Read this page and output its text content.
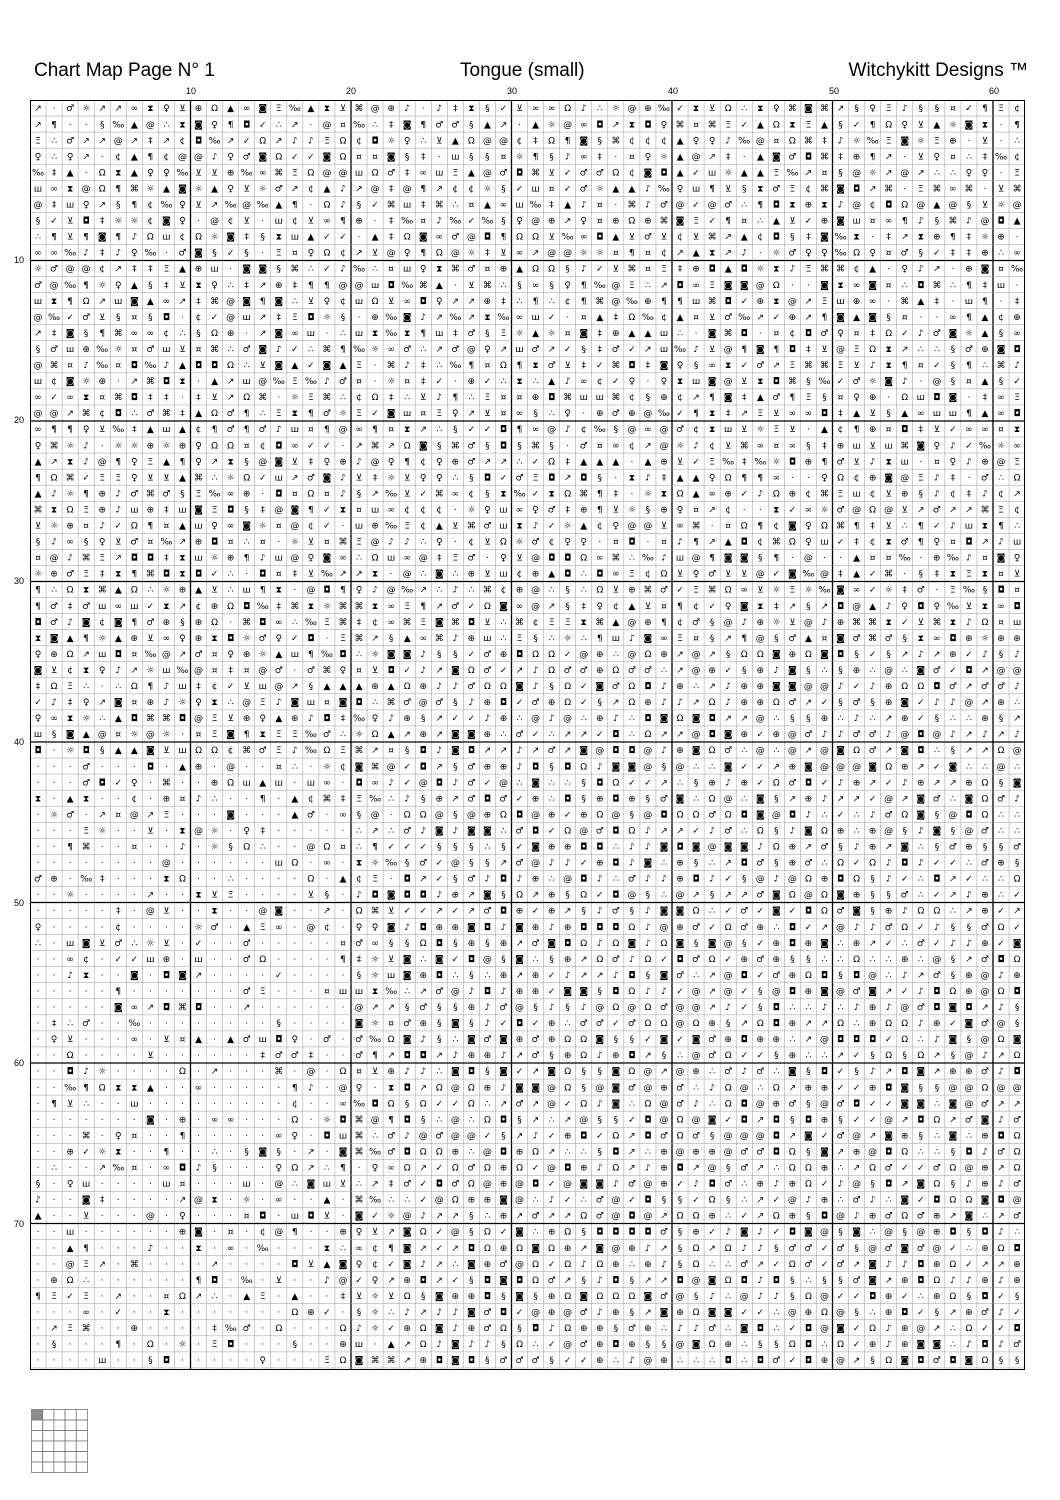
Chart Map Page N° 1	Tongue (small)	Witchykitt Designs ™
10	20	30	40	50	60
10
20
30
40
50
60
70
↗ · ♂ ☼ ↗ ↗ ∞ ⧗ ♀ ⊻ ⊕ Ω ▲ ∞ ◙ Ξ ‰ ▲ ⧗ ⊻ ⌘ @ ⊕ ♪ · ♪ ‡ ⧗ § ✓ ⊻ ∞ ∞ Ω ♪ ∴ ☼ @ ⊕ ‰ ✓ ⧗ ⊻ Ω ∴ ⧗ ♀ ⌘ ◙ ⌘ ↗ § ♀ Ξ ♪ § § ¤ ✓ ¶ Ξ ¢
↗ ¶ · · § ‰ ▲ @ ∴ ⧗ ◙ ♀ ¶ ◘ ✓ ∴ ↗ · @ ¤ ‰ ∴ ‡ ◙ ¶ ♂ ♂ § ▲ ↗ · ▲ ☼ @ ∞ ◘ ↗ ⧗ ◘ ♀ ⌘ ¤ ⌘ Ξ ✓ ▲ Ω ⧗ Ξ ▲ § ✓ ¶ Ω ♀ ⊻ ▲ ☼ ◙ ⧗ · ¶
Ξ ∴ ♂ ↗ ↗ @ ↗ ‡ ↗ ¢ ◘ ‰ ↗ ✓ Ω ↗ ♪ ♪ Ξ Ω ¢ ◘ ☼ ♀ ∴ ⊻ ▲ Ω @ @ ¢ ‡ Ω ¶ ◙ § ⌘ ¢ ¢ ¢ ▲ ♀ ♀ ♪ ‰ @ ¤ Ω ⌘ ‡ ♪ ☼ ‰ Ξ ◙ ☼ Ξ ⊕ · ⊻ · ∴
♀ ∴ ♀ ↗ · ¢ ▲ ¶ ¢ @ @ ♪ ♀ ♂ ◙ Ω ✓ ✓ ◙ Ω ¤ ¤ ◙ § ‡ · ш § § ¤ ☼ ¶ § ♪ ∞ ‡ · ¤ ♀ ☼ ▲ @ ↗ ‡ · ▲ ◙ ♂ ◘ ⌘ ‡ ⊕ ¶ ↗ · ⊻ ♀ ¤ ∴ ‡ ‰ ¢
‰ ‡ ▲ · Ω ⧗ ▲ ♀ ♀ ‰ ⊻ ⊻ ⊕ ‰ ∞ ⌘ Ξ Ω @ @ ш Ω ♂ ‡ ∞ ш Ξ ▲ @ ♂ ◘ ⌘ ⊻ ✓ ♂ ♂ Ω ¢ ◙ ◘ ▲ ✓ ш ☼ ▲ ▲ Ξ ‰ ↗ ¤ § @ ☼ ↗ @ ↗ ∴ ∴ ♀ ♀ · Ξ
ш ∞ ⧗ @ Ω ¶ ⌘ ☼ ▲ ◙ ☼ ▲ ♀ ⊻ ☼ ♂ ↗ ¢ ▲ ♪ ↗ @ ‡ @ ¶ ↗ ¢ ¢ ☼ § ✓ ш ¤ ✓ ♂ ☼ ▲ ▲ ♪ ‰ ♀ ш ¶ ⊻ § ⧗ ♂ Ξ ¢ ⌘ ◙ ◘ ↗ ⌘ · Ξ ⌘ ∞ ⌘ · ⊻ ⌘
@ ‡ ш ♀ ↗ § ¶ ¢ ‰ ♀ ⊻ ↗ ‰ @ ‰ ▲ ¶ · Ω ♪ § ✓ ⌘ ш ‡ ⌘ ∴ ¤ ▲ ∞ ш ‰ ‡ ▲ ♪ ¤ · ⌘ ♪ ♂ @ ✓ @ ♂ ∴ ¶ ◘ ⧗ ⊕ ⧗ ♪ @ ¢ ◘ Ω @ ▲ @ § ⊻ ☼ @
§ ✓ ⊻ ◘ ‡ ☼ ☼ ¢ ◙ ♀ · @ ¢ ⊻ · ш ¢ ⊻ ∞ ¶ ⊕ · ‡ ‰ ¤ ♪ ‰ ✓ ‰ § ♀ @ ⊕ ↗ ♀ ¤ ⊕ Ω ⊕ ⌘ ◙ Ξ ✓ ¶ ¤ ∴ ▲ ⊻ ✓ ⊕ ◙ ш ¤ ∞ ¶ ♪ § ⌘ ♪ @ ◘ ▲
∴ ¶ ⊻ ¶ ◙ ¶ ♪ Ω ш ¢ Ω ☼ ◙ ‡ § ⧗ ш ▲ ✓ ✓ · ▲ ‡ Ω ◙ ∞ ♂ @ ◘ ¶ Ω Ω ⊻ ‰ ∞ ◘ ▲ ⊻ ♂ ⊻ ¢ ⊻ ⌘ ↗ ▲ ¢ ◘ § ‡ ◙ ‰ ⧗ · ‡ ↗ ⧗ ⊕ ¶ ‡ ☼ ⊕ ·
∞ ∞ ‰ ♪ ‡ ♪ ♀ ‰ · ♂ ◙ § ✓ § · Ξ ¤ ♀ Ω ¢ ↗ ⊻ @ ♀ ¶ Ω @ ☼ ‡ ⊻ ∞ ↗ @ @ ☼ ☼ ¤ ¶ ¤ ¢ ↗ ▲ ⧗ ↗ ♪ · ☼ ♂ ♀ ♀ ‰ Ω ♀ ¤ ♂ § ✓ ‡ ‡ ⊕ ∴ ∞
☼ ♂ @ @ ¢ ↗ ‡ ‡ Ξ ▲ ⊕ ш · ◙ ◙ § ⌘ ∴ ✓ ♪ ‰ ∴ ¤ ш ♀ ⧗ ⌘ ♂ ¤ ⊕ ▲ Ω Ω § ♪ ✓ ⊻ ⌘ ¤ Ξ ‡ ⊕ ◘ ▲ ◘ ☼ ⧗ ♪ Ξ ⌘ ⌘ ¢ ▲ · ♀ ♪ ↗ · ⊕ ◙ ¤ ‰
♂ @ ‰ ¶ ☼ ♀ ▲ § ‡ ⊻ ⧗ ♀ ∴ ‡ ↗ ⊕ ‡ ¶ ¶ @ @ ш ◘ ‰ ⌘ ▲ · ⊻ ⌘ ∴ § ∞ § ♀ ¶ ‰ @ Ξ ∴ ↗ ◘ ∞ Ξ ◙ ◙ @ Ω · · ◙ ⧗ ∞ ◙ ¤ ∴ ◘ ⌘ ∴ ¶ ‡ ш ·
ш ⧗ ¶ Ω ↗ ш ◙ ▲ ∞ ↗ ‡ ⌘ @ ◙ ¶ ◙ ∴ ⊻ ♀ ¢ ш Ω ⊻ ∞ ◘ ♀ ↗ ↗ ⊕ ‡ ∴ ¶ ∴ ¢ ¶ ⌘ @ ‰ ⊕ ¶ ¶ ш ⌘ ◘ ✓ ⊕ ⧗ @ ↗ Ξ ш ⊕ ∞ · ⌘ ▲ ‡ · ш ¶ · ‡
@ ‰ ✓ ♂ ⊻ § ¤ § ◘ · ¢ ✓ @ ш ↗ ‡ Ξ ◘ ☼ § · ⊕ ‰ ◙ ♪ ↗ ‰ ↗ ⧗ ‰ ∞ ш ✓ · ¤ ▲ ‡ Ω ‰ ¢ ▲ ¤ ⊻ ♂ ‰ ↗ ✓ ⊕ ↗ ¶ ◙ ▲ ◙ § ¤ · · ∞ ¶ ▲ ¢ ⊕
↗ ‡ ◙ § ¶ ⌘ ∞ ∞ ¢ ∴ § Ω ⊕ · ↗ ◙ ∞ ш · ∴ ш ⧗ ‰ ⧗ ¶ ш ‡ ♂ § Ξ ☼ ▲ ☼ ¤ ◙ ‡ ⊕ ▲ ▲ ш ∴ · ◙ ⌘ ◘ · ¤ ¢ ◘ ♂ ♀ ¤ ‡ Ω ✓ ♪ ♂ ◙ ☼ ▲ § ∞
§ ♂ ш ⊕ ‰ ☼ ¤ ♂ ш ⊻ ¤ ⌘ ∴ ♂ ◙ ♪ ✓ ∴ ⌘ ¶ ‰ ☼ ∞ ♂ ∴ ↗ ♂ @ ♀ ↗ ш ♂ ↗ ✓ § ‡ ♂ ✓ ↗ ш ‰ ♪ ⊻ @ ¶ ◙ ¶ ◘ ‡ ⊻ @ Ξ Ω ⧗ ↗ ∴ ∴ § ♂ ⊕ ◙ ◘
@ ⌘ ¤ ♪ ‰ ¤ ◘ ‰ ♪ ▲ ◘ ◘ Ω ∴ ⊻ ◙ ▲ ✓ ◙ ▲ Ξ · ⌘ ♪ ‡ ∴ ‰ ¶ ¤ Ω ¶ ⧗ ♂ ⊻ ‡ ✓ ⌘ ◘ ‡ ◙ ♀ § ∞ ⧗ ✓ ♂ ↗ Ξ ⌘ ⌘ Ξ ⊻ ♪ ⧗ ¶ ¤ ✓ § ¶ ∴ ⌘ ♪
ш ¢ ◙ ☼ ⊕ · ↗ ⌘ ◘ ⧗ · ▲ ↗ ш @ ‰ Ξ ‰ ♪ ♂ ¤ · ☼ ¤ ‡ ✓ · ⊕ ✓ ∴ ⧗ ∴ ▲ ♪ ∞ ¢ ✓ ♀ · ♀ ⧗ ш ◙ @ ⊻ ⧗ ◘ ⌘ § ‰ ✓ ♂ ☼ ◙ ♪ · @ § ¤ ▲ § ✓
∞ ✓ ∞ ⧗ ¤ ⌘ ◘ ‡ ‡ · ‡ ⊻ ↗ Ω ⌘ · ☼ Ξ ⌘ ∴ ¢ Ω ‡ ∴ ⊻ ♪ ¶ ∴ Ξ ¤ ¤ ⊕ ◘ ⌘ ш ш ⌘ ¢ § ⊕ ¢ ↗ ¶ ◙ ‡ ▲ ♂ ¶ Ξ § ¤ ♀ ⊕ · Ω ш ◘ ◙ · ‡ ∞ Ξ
@ @ ↗ ⌘ ¢ ◘ ∴ ♂ ⌘ ‡ ▲ Ω ♂ ¶ ∴ Ξ ⧗ ¶ ♂ ☼ Ξ ✓ ◙ ш ¤ Ξ ♀ ↗ ⊻ ¤ ∞ § ∴ ♀ · ⊕ ♂ ⊕ @ ‰ ✓ ¶ ⧗ ‡ ↗ Ξ ⊻ ∞ ∞ ◘ ‡ ▲ ⊻ § ▲ ∞ ш ш ¶ ▲ ∞ ◘
∞ ¶ ¶ ♀ ⊻ ‰ ‡ ▲ ш ▲ ¢ ¶ ♂ ¶ ♂ ♪ ш ¤ ¶ @ ∞ ¶ ¤ ⧗ ↗ ∴ § ✓ ✓ ◘ ¶ ∞ @ ♪ ¢ ‰ § @ ∞ @ ♂ ¢ ⧗ ш ⊻ ☼ Ξ ⊻ · ▲ ¢ ¶ ⊕ ¤ ◘ ‡ ⊻ ✓ ∞ ∞ ¤ ⧗
♀ ⌘ ☼ ♪ · ☼ ☼ ⊕ ☼ ⊕ ♀ Ω Ω ¤ ¢ ◘ ∞ ✓ ✓ · ↗ ⌘ ↗ Ω ◙ § ⌘ ♂ § ◘ § ⌘ § · ♂ ¤ ∞ ¢ ↗ @ ☼ ♪ ¢ ⊻ ⌘ ∞ ¤ ∞ § ‡ ⊕ ш ⊻ ш ⌘ ◙ ♀ ♪ ✓ ‰ ☼ ∞
▲ ↗ ⧗ ♪ @ ¶ ♀ Ξ ▲ ¶ ♀ ↗ ⧗ § @ ◙ ⊻ ‡ ♀ ⊕ ♪ @ ♀ ¶ ¢ ♀ ⊕ ♂ ↗ ↗ ∴ ✓ Ω ‡ ▲ ▲ ▲ · ▲ ⊕ ⊻ ✓ Ξ ‰ ‡ ‰ ☼ ◘ ⊕ ¶ ♂ ⊻ ♪ ⧗ ш · ¤ ♀ ♪ ⊕ @ Ξ
¶ Ω ⌘ ✓ Ξ Ξ ♀ ⊻ ⊻ ▲ ⌘ ∴ ☼ Ω ✓ ш ↗ ♂ ◙ ♪ ⊻ ‡ ☼ ⊻ ♀ ♀ ∴ § ◘ ✓ ♂ Ξ ◘ ↗ ◘ § · ⧗ ♪ ‡ ▲ ▲ ♀ Ω ¶ ¶ ∞ · · ♀ Ω ¢ ⊕ ◙ @ Ξ ♪ ‡ · ♂ ∴ Ω
▲ ♪ ☼ ¶ ⊕ ♪ ♂ ⌘ ♂ § Ξ ‰ ∞ ⊕ · ◘ ¤ Ω ¤ ♪ § ↗ ‰ ⊻ ✓ ⌘ ∞ ¢ § ⧗ ‰ ✓ ⧗ Ω ⌘ ¶ ‡ · ☼ ⧗ Ω ▲ ∞ ⊕ ✓ ♪ Ω ⊕ ¢ ⌘ Ξ ш ¢ ⊻ ⊕ § ♪ ¢ ‡ ♪ ¢ ↗
⌘ ⧗ Ω Ξ ⊕ ♪ ш ⊕ ‡ ш ◙ Ξ ◘ § ‡ @ ◙ ¶ ✓ ⧗ ¤ ш ∞ ¢ ¢ ¢ · ☼ ♀ ш ∞ ♀ ♂ ‡ ⊕ ¶ ⊻ ☼ § ⊕ ♀ ¤ ↗ ¢ · · ⧗ ✓ ∞ ☼ ♂ @ Ω @ ⊻ ↗ ♂ ↗ ↗ ⌘ Ξ ¢
⊻ ☼ ⊕ ¤ ♪ ✓ Ω ¶ ¤ ▲ ш ♀ ∞ ◙ ☼ ¤ @ ¢ ✓ · ш ⊕ ‰ Ξ ¢ ▲ ⊻ ⌘ ♂ ш ⧗ ♪ ✓ ☼ ▲ ¢ ♀ @ @ ⊻ ∞ ⌘ · ¤ Ω ¶ ¢ ◙ ♀ Ω ⌘ ¶ ‡ ⊻ ∴ ¶ ✓ ♪ ш ⧗ ¶ ∴
§ ♪ ∞ § ♀ ⊻ ♂ ¤ ‰ ↗ ⊕ ◘ ¤ ∴ ¤ · ☼ ⊻ ¤ ⌘ Ξ @ ♪ ♪ ∴ ♀ · ¢ ⊻ Ω ☼ ♂ ¢ ♀ ♀ · ¤ ◘ · ¤ ♪ ¶ ↗ ▲ ◘ ¢ ⌘ Ω ♀ ш ✓ ‡ ¢ ⧗ ♂ ¶ ♀ ¤ ◘ ↗ ♪ ш
¤ @ ♪ ⌘ Ξ ↗ ◘ ◘ ‡ ⧗ ш ☼ ⊕ ¶ ♪ ш @ ♀ ◙ ∞ ∴ Ω ш ∞ @ ‡ Ξ ♂ · ♀ ⊻ @ ◘ ◘ Ω ∞ ⌘ ∴ ‰ ♪ ш @ ¶ ◙ ◙ § ¶ · @ · · ▲ ¤ ¤ ‰ · ⊕ ‰ ♪ ¤ ◙ ♀
☼ ⊕ ♂ Ξ ‡ ⧗ ¶ ⌘ ◘ ⧗ ◘ ✓ ∴ · ◘ ¤ ‡ ⊻ ‰ ↗ ↗ ⧗ · @ ∴ ◙ ∴ ⊕ ⊻ ш ¢ ⊕ ▲ ◘ ∴ ◘ ∞ Ξ ¢ Ω ⊻ ♀ ♂ ⊻ ⊻ @ ✓ ◙ ‰ @ ‡ ▲ ✓ ⌘ · § ‡ ⧗ Ξ ⧗ ¤ ⊻
¶ ∴ Ω ⧗ ⌘ ▲ Ω ∴ ☼ ⊕ ▲ ⊻ ∴ ш ¶ ⧗ · @ ◘ ¶ ♀ ♪ @ ‰ ↗ ∴ ♪ ∴ ⌘ ¢ ⊕ @ ∴ § ∴ Ω ⊻ ⊕ ⌘ ♂ ✓ Ξ ⌘ Ω ∞ ⊻ ☼ Ξ ☼ ‰ ◙ ∞ ✓ ☼ ‡ ♂ · Ξ ‰ § ◘ ¤
¶ ♂ ‡ ♂ ш ∞ ш ✓ ⧗ ↗ ¢ ⊕ Ω ◘ ‰ ‡ ⌘ ⧗ ☼ ⌘ ⌘ ⧗ ∞ Ξ ¶ ↗ ♂ ✓ Ω ◙ ∞ @ ↗ § ‡ ♀ ¢ ▲ ⊻ ¤ ¶ ¢ ✓ ♀ ◙ ⧗ ‡ ↗ § ↗ ◘ @ ▲ ♪ ♀ ◘ ♀ ‰ ⊻ ⧗ ∞ ◘
◘ ♂ ♪ ◙ ¢ ◙ ¶ ♂ ⊕ § ⊕ Ω · ⌘ ◘ ∞ ∴ ‰ Ξ ⌘ ‡ ¢ ∞ ⌘ Ξ ◙ ⌘ ◘ ⊻ ∴ ⌘ ¢ Ξ Ξ ⧗ ⌘ ▲ @ ⊕ ¶ ¢ ♂ § @ ♪ ⊕ ☼ ⊻ @ ♪ ⊕ ⌘ ⌘ ⧗ ✓ ⊻ ⌘ ⧗ ♪ Ω ¤ ш
⧗ ◙ ▲ ¶ ☼ ▲ ⊕ ⊻ ∞ ♀ ⊕ ⧗ ◘ ☼ ♂ ♀ ✓ ◘ · Ξ ⌘ ↗ § ▲ ∞ ⌘ ♪ ⊕ ш ∴ Ξ § ∴ ☼ ∴ ¶ ш ♪ ◙ ∞ Ξ ¤ § ↗ ¶ @ § ♂ ▲ ¤ ◙ ♂ ⌘ ♂ § ⧗ ∞ ◘ ⊕ ☼ ⊕ ⊕
♀ ⊕ Ω ↗ ш ◘ ¤ ‰ @ ↗ ♂ ¤ ♀ ⊕ ☼ ▲ ш ¶ ‰ ◘ ∴ ☼ ◙ ◙ ♪ § § ✓ ♂ ⊕ ◘ Ω Ω ✓ @ ⊕ ∴ @ Ω ⊕ ↗ @ ↗ § Ω Ω ◙ ⊕ Ω ◙ ◘ § ✓ § ↗ ♪ ↗ ⊕ ✓ ♪ § ♪
◙ ⊻ ¢ ⧗ ♀ ♪ ↗ ☼ ш ‰ @ ¤ ‡ ¤ @ ♂ · ♂ ⌘ ♀ ¤ ⊻ ◘ ✓ ♪ ↗ ◙ Ω ♂ ✓ ↗ ♪ Ω ♂ ♂ ⊕ Ω ♂ ♂ ∴ ↗ @ ⊕ ✓ § ⊕ ♪ ◙ § ∴ § ⊕ ∴ @ ∴ ◙ ♂ ✓ ◘ ↗ @ @
‡ Ω Ξ ∴ · ∴ Ω ¶ ♪ ш ‡ ¢ ✓ ⊻ ш @ ↗ § ▲ ▲ ▲ ⊕ ▲ Ω ⊕ ♪ ♪ ♂ Ω Ω ◙ ♪ § Ω ✓ ◙ ♂ Ω ◘ ♪ ⊕ ∴ ↗ ♪ ⊕ ⊕ ◙ ◙ @ @ ♪ ✓ ♪ ⊕ Ω Ω ◘ ♂ ↗ ♂ ♂ ♪
✓ ♪ ‡ ♀ ↗ ◙ ¤ ⊕ ♪ ☼ ♀ ⧗ ∴ @ Ξ ♪ ◙ ш ¤ ◙ ◘ ∴ ⌘ ♂ @ ♂ § ♪ ⊕ ◘ ✓ ♂ ⊕ Ω ✓ § ↗ Ω ⊕ ♪ ♪ ↗ Ω ♪ ⊕ ⊕ Ω ♂ ↗ ✓ § ♂ § ⊕ ◙ ✓ ♪ ♪ @ ↗ ⊕ ∴
♀ ∞ ⧗ ☼ ∴ ▲ ◘ ⌘ ⌘ ◘ @ Ξ ⊻ ⊕ ♀ ▲ ⊕ ♪ ◘ ‡ ‰ ♀ ♪ ⊕ § ↗ ✓ ✓ ♪ ⊕ ∴ @ ♪ @ ∴ ⊕ ♪ ∴ ◘ ◙ Ω ◙ ◘ ↗ ↗ @ ∴ § § ⊕ ∴ ♪ ∴ ↗ ⊕ ✓ § ∴ ∴ ⊕ § ↗
ш § ◙ ▲ @ ¤ ☼ @ ☼ · ¤ Ξ ◙ ¶ ⧗ Ξ Ξ ‰ ♂ ∴ ☼ Ω ▲ ↗ ⊕ ↗ ◙ ◙ ⊕ ∴ ♂ ✓ ∴ ↗ ↗ ✓ ◘ ∴ Ω ↗ ↗ @ ◘ ◙ ⊕ ✓ ⊕ @ ♂ ♪ ♪ ♂ ♂ ♪ @ ◘ @ ♪ ↗ ♪ ↗ ♪
◘ · ☼ ◘ § ▲ ▲ ◙ ⊻ ш Ω Ω ¢ ⌘ ♂ Ξ ♪ ‰ Ω Ξ ⌘ ↗ ¤ § ◘ ♪ ◙ ◘ ↗ ↗ ♪ ↗ ♂ ↗ ◙ @ ◘ ◘ @ ♪ ⊕ ◙ Ω ♂ ∴ @ ∴ @ ↗ @ ◙ Ω ♂ ↗ ◙ ◘ ∴ § ↗ ↗ Ω @
· · · ♂ · · · ◘ · ▲ ⊕ · @ · · ¤ ∴ · ☼ ¢ ◙ ⌘ @ ✓ ◘ ↗ § ♂ ⊕ ⊕ ♪ ◘ § ◘ Ω ♪ ◙ ◙ @ § @ ∴ ∴ ◙ ✓ ✓ ↗ ⊕ ◙ @ @ @ ◙ Ω ⊕ ↗ ✓ ◙ ∴ ∴ @ ∴
· · · ♂ ◘ ✓ ♀ · ⌘ · · ⊕ Ω ш ▲ ш · ш ∞ · ◘ ∞ ♪ ✓ @ ◘ ♪ ♂ ✓ @ ∴ ◙ ∴ ∴ § ◘ Ω ✓ ✓ ↗ ∴ § ⊕ ♪ ⊕ ✓ Ω ♂ ◘ ✓ ♪ ⊕ ↗ ✓ ♪ ⊕ ↗ ↗ ⊕ Ω § ◙
⧗ · ▲ ⧗ · · ¢ · ⊕ ¤ ♪ ∴ · · ¶ · ▲ ¢ ⌘ ‡ Ξ ‰ ∴ ♪ § ⊕ ↗ ♂ ◘ ♂ ✓ ⊕ ∴ ◘ § ⊕ ◘ ⊕ § ♂ ◙ ∴ Ω @ ∴ ◙ § ↗ ⊕ ♪ ↗ ↗ ✓ @ ↗ ◙ ♂ ∴ ◙ Ω ♂ ♪
· ☼ ♂ · ↗ ¤ @ ↗ Ξ · · · ◙ · · · ▲ ♂ · ∞ § @ · Ω Ω @ § @ ⊕ Ω ◘ @ ⊕ ✓ ⊕ Ω @ § @ ◘ Ω Ω ♂ Ω ◘ ◙ @ ◘ ♪ ∴ ✓ ∴ ♪ ♂ Ω ◙ § @ ◘ Ω ∴ ∴
· · · Ξ ☼ · · ⊻ · ⧗ @ ☼ · ♀ ‡ · · · · · ∴ ↗ ∴ ♂ ♪ ◙ ♪ ◙ ◙ ∴ ♂ ◘ ✓ Ω @ ♂ ◘ Ω ♪ ↗ ↗ ✓ ♪ ♂ ∴ Ω § ♪ ◙ Ω ⊕ ∴ ⊕ @ § ♪ ◙ § @ ♂ ∴ ∴
· · ¶ ⌘ · · ¤ · · ♪ · ☼ § Ω ∴ · · @ Ω ¤ ∴ ¶ ✓ ✓ ✓ § § § ∴ § ✓ ◙ ⊕ ⊕ ◘ ◘ ∴ ♪ ♪ ◙ ◘ ◙ @ ◙ ◙ ♪ Ω ⊕ ↗ ♂ § ♪ ⊕ ↗ ◙ ∴ § ♂ ⊕ § § ♂
· · · · · · · · @ · · · · · · ш Ω · ∞ · ⧗ ☼ ‰ § ♂ ✓ @ § § ↗ ♂ @ ♪ ♪ ✓ ⊕ ◘ ♪ ◙ ∴ ⊕ § ∴ ↗ ◘ ♂ § ⊕ ♂ ∴ Ω ✓ Ω ♪ ◘ ♪ ✓ ✓ ∴ ♂ ⊕ §
♂ ⊕ · ‰ ‡ · · · ⧗ Ω · · ∴ · · · · Ω · ▲ ¢ Ξ · ◘ ↗ ✓ § ♂ ♪ ◘ ♪ ⊕ ∴ @ ◘ ♪ ∴ ♂ ♪ ♪ ⊕ ◘ ♪ ✓ § @ ♪ @ Ω ⊕ ◘ Ω § ♪ ✓ ∴ ◘ ↗ ✓ ∴ ∴ Ω
· · ☼ · · · · ↗ · · ⧗ ⊻ Ξ · · · · ⊻ § · ♪ ◘ ◙ ◘ ◘ ♪ ⊕ ↗ ◙ § Ω ↗ ⊕ § Ω ✓ ◘ @ § ∴ @ ↗ § ↗ ↗ ♂ ◙ Ω @ Ω ◙ ⊕ § § ♂ ∴ ✓ ↗ ♪ ⊕ ∴ ✓
· · · · · ‡ · @ ⊻ · · ⧗ · · @ ◙ · · ↗ · Ω ⌘ ⊻ ✓ ✓ ↗ ✓ ↗ ♂ ◘ ⊕ ✓ ⊕ ↗ § ♪ ♂ § ♪ ◙ ◙ Ω ∴ ✓ ♂ ✓ ◙ ✓ ◘ Ω ♂ ◙ § ⊕ ♪ Ω Ω ∴ ↗ ⊕ ✓ ↗
♀ · · · · ¢ · · · · ☼ ♂ · ▲ Ξ ∞ · @ ¢ · ♀ ♀ ◙ ♪ ◘ ⊕ ⊕ ◙ ◘ ♪ ◙ ⊕ ♪ ⊕ ◘ ◘ ◘ Ω ♪ @ ⊕ ♂ ✓ Ω ♂ ⊕ ∴ ◘ ✓ ↗ @ ♪ ♪ ♂ Ω ✓ ♪ § § ♂ Ω ✓
∴ · ш ◙ ⊻ ♂ ∴ ☼ ⊻ · ✓ · · ♂ · · · · · ¤ ♂ ∞ § § Ω ◘ § ⊕ § ⊕ ↗ ♂ ◙ ◘ Ω ♪ Ω ◙ ♪ Ω ◙ § ◙ @ § ✓ ⊕ ◘ ⊕ ◙ ∴ ⊕ ↗ ✓ ∴ ♂ ✓ ♪ ♪ ⊕ ✓ ◙
· · ∞ ¢ · ✓ ✓ ш ⊕ · ш · · ♂ Ω · · · · ¶ ‡ ☼ ⊻ ◙ ∴ ◙ ✓ ◘ @ § ◙ ∴ § ⊕ ↗ Ω ♂ ♪ Ω ✓ ◘ ♂ Ω ✓ ⊕ ♂ ⊕ § § ∴ ∴ Ω ∴ ∴ ⊕ ∴ @ § ↗ ♂ ◘ Ω
· · ♪ ⧗ · · ◙ · ◘ ◙ ↗ · · · · ✓ · · · · § ☼ ш ◙ ⊕ ◘ ∴ § ∴ ⊕ ↗ ⊕ ✓ ♪ ↗ ↗ ♪ ◘ § ◙ ♂ ∴ ↗ @ ◘ ✓ ♂ ⊕ Ω ◘ § ◘ @ ∴ ♪ ↗ ♂ § ⊕ @ ♪ ⊕
· · · · · ¶ · · · · · · · ♂ Ξ · · · ¤ ш ш ⧗ ‰ ∴ ↗ ♂ @ ♪ ◘ ♪ ⊕ ⊕ ✓ ◙ ◙ § ◘ Ω ♪ ♪ ✓ @ ↗ @ ✓ § @ ◘ ⊕ ◙ @ ♂ ◙ ↗ ✓ ♪ ◘ Ω ⊕ @ Ω ◘
· · · · · ◙ ∞ ↗ ◘ ⌘ ◘ · · ↗ · · · · · · @ ↗ ↗ § ♂ § § ⊕ ♪ ♂ @ § ♪ § ♪ @ Ω @ Ω ♂ @ @ ↗ ♪ ✓ § ◘ ∴ ∴ ♪ ∴ ♪ ⊕ ♪ @ ♂ ◘ ◙ ◘ ↗ ♪ §
· ‡ ∴ ♂ · · ‰ · · · · · · · · § · · · · ◙ ☼ ¤ ♂ ⊕ § ◙ § ♪ ✓ ◘ ✓ ⊕ ∴ ♂ ♂ ✓ ♂ Ω Ω @ Ω ⊕ § ↗ Ω ◘ ⊕ ↗ ↗ Ω ∴ ⊕ Ω Ω ♪ ⊕ ✓ ◙ ♂ @ §
· ♀ ⊻ · · · ∞ · ⊻ ¤ ▲ · ▲ ♂ ш ◘ ♀ · ♂ · ♂ ‰ Ω ◙ ♪ § ∴ ◙ ♂ ◙ ⊕ ♂ ⊕ Ω Ω ◙ § § ✓ ◙ ✓ ◙ ♂ ⊕ ◘ ⊕ ⊕ ∴ ↗ @ ◘ ◘ ◘ ✓ Ω ∴ ♪ ◙ § @ Ω ◙
· · Ω · · · · ⊻ · · · · · · ‡ ♂ ♂ ‡ · · ♂ ¶ ↗ ◘ ◘ ↗ ♪ ⊕ ⊕ ♪ ↗ ♂ § ⊕ Ω ♪ ⊕ ◘ ↗ § ∴ @ ♂ Ω ✓ ✓ § ⊕ ∴ ∴ ↗ ✓ § Ω § Ω ↗ § @ ♪ ↗ Ω
· · ◘ ♪ ☼ · · · · Ω · ↗ · · · ⌘ · @ · Ω ¤ ⊻ ⊕ ♪ ♪ ∴ ◙ ◘ § ◙ ✓ ↗ ◙ Ω § § ◙ Ω @ ↗ @ ⊕ ∴ ♂ ♪ ♂ ∴ ◙ § ◘ ✓ § ♪ ↗ ◘ ◙ ↗ ⊕ ⊕ ♂ ♪ ◘
· · ‰ ¶ Ω ⧗ ⧗ ▲ · · ∞ · · · · · ¶ ♪ · @ ♀ · ⧗ ◘ ↗ Ω @ Ω ⊕ ♪ ◙ ◙ @ Ω § @ ◙ ♂ @ ⊕ ♂ ∴ ♪ Ω @ ∴ Ω ↗ ⊕ ⊕ ✓ ✓ ⊕ ◘ ◙ § § @ @ Ω @ @
· ¶ ⊻ ∴ · · ш · · · · · · · · · ¢ · · ∞ ‰ ◘ Ω § Ω ✓ ✓ Ω ∴ ↗ ♂ ↗ @ ✓ Ω ♪ ◙ ∴ Ω @ ♂ ♪ ∴ Ω ◘ @ ⊕ ♂ § @ ♂ ◘ ✓ ✓ ◙ ◙ ∴ ◙ @ ♂ ↗ ↗
· · · · · · · ◙ · ⊕ · ∞ ∞ · · · Ω · ☼ ◘ ⌘ @ ¶ ◘ § ∴ @ ∴ Ω ◘ § ↗ ∴ ↗ @ § § ✓ ◘ @ Ω @ ◙ ✓ ◘ ↗ ◘ § ◘ ⊕ § ✓ ✓ @ ↗ ◘ Ω ↗ ♂ ◙ ♪ ♂
· · · ⌘ · ♀ ¤ · · ¶ · · · · · ∞ ♀ · ◘ ш ⌘ ∴ ♂ ♪ @ ♂ @ @ ✓ § ↗ ♪ ✓ ⊕ ◘ ✓ Ω ↗ ◘ ♂ Ω ♂ § @ @ @ ◘ ↗ ◙ ✓ ♂ @ ↗ ◙ ⊕ § ∴ ◙ ∴ ⊕ ◘ Ω
· · ⊕ ✓ ☼ ⧗ · · ¶ · · ∴ · § ◙ § · ↗ · ◙ ⌘ ‰ ♂ ◘ Ω Ω ⊕ ∴ @ ◘ ⊕ Ω ↗ ∴ ∴ § ◘ ↗ ∴ ⊕ @ ⊕ ⊕ @ ♂ ♂ ◘ Ω § ◙ ↗ ⊕ @ ◘ Ω ∴ ∴ § ◘ ♪ ♂ Ω
· ∴ · · ↗ ‰ ¤ · ∞ ◘ ♪ § · · · ♀ Ω ↗ ∴ ¶ · ♀ ∞ Ω ↗ ✓ Ω ♂ Ω ⊕ Ω ✓ @ ◘ ⊕ ♪ Ω ↗ ♪ ⊕ ◘ ↗ @ § ♂ ↗ ∴ Ω Ω ⊕ ∴ ↗ Ω ♂ ✓ ✓ ♂ Ω @ ⊕ ↗ Ω
§ · ♀ ш · · · · ш ¤ · · · ш · @ ∴ ◙ ш ⊻ ∴ ↗ ‡ ♂ ✓ ◘ ♂ Ω @ ⊕ @ ◘ ✓ @ ◙ ◙ ♪ ♂ @ ⊕ ✓ ♪ ◘ ♂ ∴ ⊕ ♪ ⊕ Ω ✓ ♪ @ § ◘ ↗ ◙ Ω § ♪ ⊕ ♪ ♂
♪ · · ◙ ‡ · · · · ↗ @ ⧗ · ☼ · ∞ · · ▲ · ⌘ ‰ ∴ ∴ ✓ @ Ω ⊕ ⊕ ◙ @ ∴ ♪ ✓ ∴ ♂ @ ✓ ◘ § § ✓ Ω § ∴ ↗ ✓ @ ♪ ⊕ ∴ ♂ ♪ ∴ ◙ ✓ ◘ Ω Ω ◙ ◘ @
▲ · · ⊻ · · · @ · ♀ · · · ¤ ◘ · ш ◘ ⊻ · ◙ ✓ ☼ @ ♪ ↗ ↗ § ∴ ⊕ ↗ ♂ ↗ ↗ Ω ♂ @ ◘ @ ↗ Ω Ω ⊕ ∴ ✓ ↗ Ω ⊕ § ◘ @ ♪ ⊕ ♂ Ω ♂ ⊕ ↗ ◙ ∴ ↗ ♂
· · ш · · · · · · ⊕ ◙ · ¤ · ¢ @ ¶ · · ⊕ ♀ ⊻ ↗ ◙ Ω ✓ @ § Ω ✓ ◙ ∴ ⊕ Ω § ◘ ◘ ◘ ◘ ♂ § ⊕ ✓ ♪ ◙ ♪ ✓ ◘ ◙ @ § ◙ ∴ @ § @ ⊕ ◘ § ◘ ♪ ∴
· · ▲ ¶ · · · ♪ · · ⧗ · ∞ · ‰ · · · ⧗ ∴ ∞ ¢ ¶ ◙ ↗ ✓ ↗ ◘ Ω ⊕ Ω ◙ Ω ⊕ ↗ ◙ @ ⊕ ♪ ↗ § Ω ↗ Ω ♪ ♪ § ♂ ♂ ✓ ♂ § @ ♂ ◙ ♂ @ ✓ ∴ ⊕ Ω ◘
· · @ Ξ ↗ · ⌘ · · · · ↗ · · · · ◘ ⊻ ▲ ◙ ♀ ¢ ✓ ◙ ♪ ↗ ∴ ◙ ⊕ ♂ @ Ω ✓ Ω ♪ Ω ⊕ ∴ ⊕ ♪ § Ω ∴ ∴ ♂ ↗ ✓ Ω ♂ ✓ ♂ ↗ ◙ ♪ ♪ ◘ ⊕ Ω ✓ ↗ ↗ ⊕
· ⊕ Ω ∴ · · · · · · ¶ ◘ · ‰ · ⊻ · · ♪ @ ✓ ♀ ↗ ⊕ ◘ ↗ ✓ § ◘ ◙ ◘ Ω ♂ ↗ § ♪ ◘ § ↗ ↗ ◘ @ ◙ Ω ◘ ♪ ◘ § ∴ § § ♂ ◙ ↗ ⊕ ◘ Ω ♪ ♪ ⊕ ♪ ⊕
¶ Ξ ✓ Ξ · ↗ · · ¤ Ω ↗ ∴ · ▲ Ξ · ▲ · · ‡ ⊻ ☼ ⊻ Ω § ◙ ⊕ ⊕ ◘ § ◙ § ⊕ Ω ◙ Ω Ω Ω ◙ ♂ @ § ♪ ∴ @ ♪ ♪ § Ω @ ✓ ✓ ◘ ⊕ ✓ ∴ ⊕ Ω § ◘ ✓ §
· · · ∞ · ✓ · · ⧗ · · · · · · · Ω ⊕ ✓ · § ☼ ∴ ♪ ↗ ♪ ♪ ◙ ♂ ◘ ✓ @ ⊕ @ ♂ ♪ ⊕ § ↗ ◙ ⊕ Ω ◙ ◙ ✓ ✓ ∴ @ ⊕ Ω @ § ∴ ⊕ ◘ ✓ § ↗ ⊕ ♂ ♪ ✓
· ↗ Ξ ⌘ · · ⊕ · · · · ‡ ‰ ♂ · Ω · · · Ω ♪ ☼ ✓ ⊕ Ω ◙ ♪ ⊕ ♂ Ω § ◘ ♪ Ω ⊕ ⊕ § ♂ ⊕ ∴ ♪ ♪ ♂ ∴ ◙ ◘ ∴ ✓ ◘ @ ◙ ✓ Ω ♪ ⊕ @ ↗ ∴ Ω ✓ ✓ ◘
· § · · · ¶ · Ω · ☼ · Ξ ◘ · · · § · · ⊕ ш · ▲ ↗ Ω ♪ ◙ ♪ ♪ § Ω ∴ ✓ @ ♂ ⊕ ◘ ⊕ § § @ ◙ Ω ⊕ ∴ § § Ω ◘ ∴ Ω ✓ ⊕ ♪ ⊕ ◙ ◙ ∴ ♪ ◘ ♪ ♂
· · · · ш · · § ◘ · · · · · ♀ · · · Ξ Ω ◙ ⌘ ⌘ ↗ ⊕ ◘ ◙ ◘ § ♂ ♂ ♂ § ✓ ✓ ⊕ ∴ ♪ @ ⊕ ∴ ∴ ∴ ◘ ∴ ◘ ♂ ✓ ◘ ⊕ @ ↗ § Ω ◙ ◘ ♂ ◘ ◙ Ω § §
